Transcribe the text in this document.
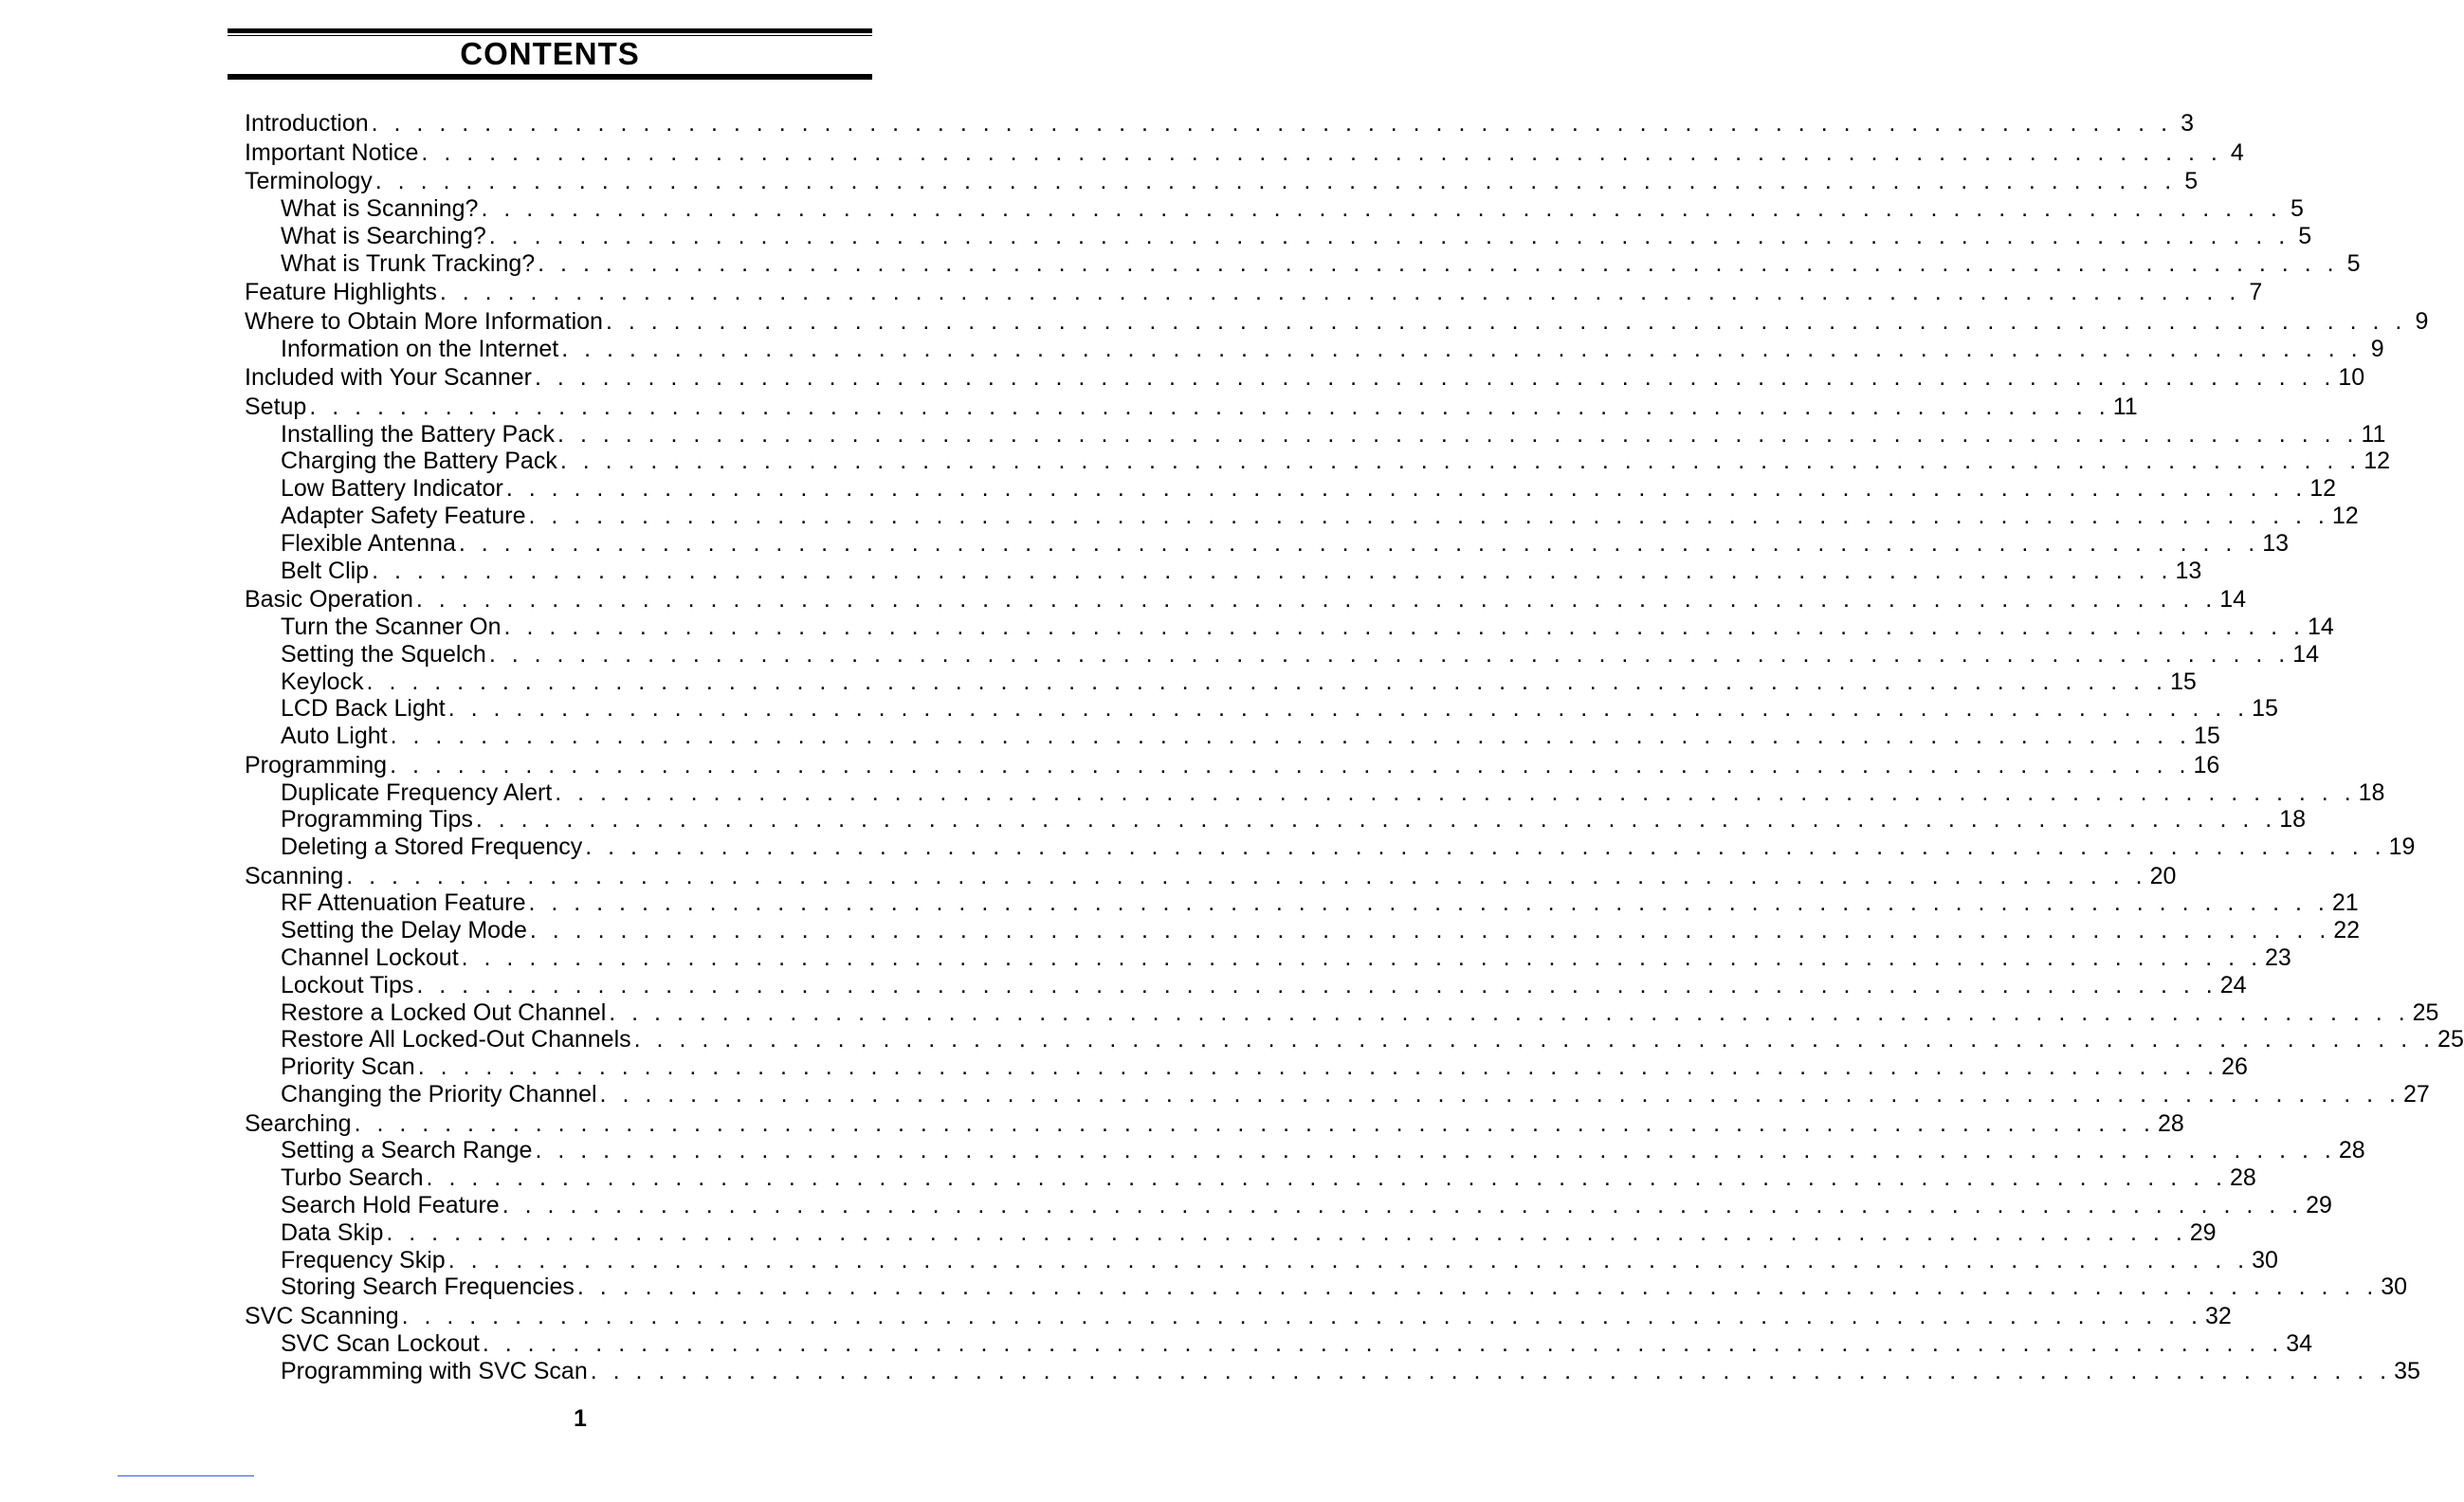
CONTENTS
Introduction . . . . . . . . . . . . . . . . . . . . . . . . . . . . . . . . . . . . . . . . . . . . . . . . . . . . . . . . . . . . . . . . . . . . . . . . . . . . . . . . 3
Important Notice . . . . . . . . . . . . . . . . . . . . . . . . . . . . . . . . . . . . . . . . . . . . . . . . . . . . . . . . . . . . . . . . . . . . . . . . . . . . . . . . 4
Terminology . . . . . . . . . . . . . . . . . . . . . . . . . . . . . . . . . . . . . . . . . . . . . . . . . . . . . . . . . . . . . . . . . . . . . . . . . . . . . . . . 5
What is Scanning? . . . . . . . . . . . . . . . . . . . . . . . . . . . . . . . . . . . . . . . . . . . . . . . . . . . . . . . . . . . . . . . . . . . . . . . . . . . . . . . . 5
What is Searching? . . . . . . . . . . . . . . . . . . . . . . . . . . . . . . . . . . . . . . . . . . . . . . . . . . . . . . . . . . . . . . . . . . . . . . . . . . . . . . . . 5
What is Trunk Tracking? . . . . . . . . . . . . . . . . . . . . . . . . . . . . . . . . . . . . . . . . . . . . . . . . . . . . . . . . . . . . . . . . . . . . . . . . . . . . . . . . 5
Feature Highlights . . . . . . . . . . . . . . . . . . . . . . . . . . . . . . . . . . . . . . . . . . . . . . . . . . . . . . . . . . . . . . . . . . . . . . . . . . . . . . . . 7
Where to Obtain More Information . . . . . . . . . . . . . . . . . . . . . . . . . . . . . . . . . . . . . . . . . . . . . . . . . . . . . . . . . . . . . . . . . . . . . . . . . . . . . . . . 9
Information on the Internet . . . . . . . . . . . . . . . . . . . . . . . . . . . . . . . . . . . . . . . . . . . . . . . . . . . . . . . . . . . . . . . . . . . . . . . . . . . . . . . . 9
Included with Your Scanner . . . . . . . . . . . . . . . . . . . . . . . . . . . . . . . . . . . . . . . . . . . . . . . . . . . . . . . . . . . . . . . . . . . . . . . . . . . . . . . . 10
Setup . . . . . . . . . . . . . . . . . . . . . . . . . . . . . . . . . . . . . . . . . . . . . . . . . . . . . . . . . . . . . . . . . . . . . . . . . . . . . . . . 11
Installing the Battery Pack . . . . . . . . . . . . . . . . . . . . . . . . . . . . . . . . . . . . . . . . . . . . . . . . . . . . . . . . . . . . . . . . . . . . . . . . . . . . . . . . 11
Charging the Battery Pack . . . . . . . . . . . . . . . . . . . . . . . . . . . . . . . . . . . . . . . . . . . . . . . . . . . . . . . . . . . . . . . . . . . . . . . . . . . . . . . . 12
Low Battery Indicator . . . . . . . . . . . . . . . . . . . . . . . . . . . . . . . . . . . . . . . . . . . . . . . . . . . . . . . . . . . . . . . . . . . . . . . . . . . . . . . . 12
Adapter Safety Feature . . . . . . . . . . . . . . . . . . . . . . . . . . . . . . . . . . . . . . . . . . . . . . . . . . . . . . . . . . . . . . . . . . . . . . . . . . . . . . . . 12
Flexible Antenna . . . . . . . . . . . . . . . . . . . . . . . . . . . . . . . . . . . . . . . . . . . . . . . . . . . . . . . . . . . . . . . . . . . . . . . . . . . . . . . . 13
Belt Clip . . . . . . . . . . . . . . . . . . . . . . . . . . . . . . . . . . . . . . . . . . . . . . . . . . . . . . . . . . . . . . . . . . . . . . . . . . . . . . . . 13
Basic Operation . . . . . . . . . . . . . . . . . . . . . . . . . . . . . . . . . . . . . . . . . . . . . . . . . . . . . . . . . . . . . . . . . . . . . . . . . . . . . . . . 14
Turn the Scanner On . . . . . . . . . . . . . . . . . . . . . . . . . . . . . . . . . . . . . . . . . . . . . . . . . . . . . . . . . . . . . . . . . . . . . . . . . . . . . . . . 14
Setting the Squelch . . . . . . . . . . . . . . . . . . . . . . . . . . . . . . . . . . . . . . . . . . . . . . . . . . . . . . . . . . . . . . . . . . . . . . . . . . . . . . . . 14
Keylock . . . . . . . . . . . . . . . . . . . . . . . . . . . . . . . . . . . . . . . . . . . . . . . . . . . . . . . . . . . . . . . . . . . . . . . . . . . . . . . . 15
LCD Back Light . . . . . . . . . . . . . . . . . . . . . . . . . . . . . . . . . . . . . . . . . . . . . . . . . . . . . . . . . . . . . . . . . . . . . . . . . . . . . . . . 15
Auto Light . . . . . . . . . . . . . . . . . . . . . . . . . . . . . . . . . . . . . . . . . . . . . . . . . . . . . . . . . . . . . . . . . . . . . . . . . . . . . . . . 15
Programming . . . . . . . . . . . . . . . . . . . . . . . . . . . . . . . . . . . . . . . . . . . . . . . . . . . . . . . . . . . . . . . . . . . . . . . . . . . . . . . . 16
Duplicate Frequency Alert . . . . . . . . . . . . . . . . . . . . . . . . . . . . . . . . . . . . . . . . . . . . . . . . . . . . . . . . . . . . . . . . . . . . . . . . . . . . . . . . 18
Programming Tips . . . . . . . . . . . . . . . . . . . . . . . . . . . . . . . . . . . . . . . . . . . . . . . . . . . . . . . . . . . . . . . . . . . . . . . . . . . . . . . . 18
Deleting a Stored Frequency . . . . . . . . . . . . . . . . . . . . . . . . . . . . . . . . . . . . . . . . . . . . . . . . . . . . . . . . . . . . . . . . . . . . . . . . . . . . . . . . 19
Scanning . . . . . . . . . . . . . . . . . . . . . . . . . . . . . . . . . . . . . . . . . . . . . . . . . . . . . . . . . . . . . . . . . . . . . . . . . . . . . . . . 20
RF Attenuation Feature . . . . . . . . . . . . . . . . . . . . . . . . . . . . . . . . . . . . . . . . . . . . . . . . . . . . . . . . . . . . . . . . . . . . . . . . . . . . . . . . 21
Setting the Delay Mode . . . . . . . . . . . . . . . . . . . . . . . . . . . . . . . . . . . . . . . . . . . . . . . . . . . . . . . . . . . . . . . . . . . . . . . . . . . . . . . . 22
Channel Lockout . . . . . . . . . . . . . . . . . . . . . . . . . . . . . . . . . . . . . . . . . . . . . . . . . . . . . . . . . . . . . . . . . . . . . . . . . . . . . . . . 23
Lockout Tips . . . . . . . . . . . . . . . . . . . . . . . . . . . . . . . . . . . . . . . . . . . . . . . . . . . . . . . . . . . . . . . . . . . . . . . . . . . . . . . . 24
Restore a Locked Out Channel . . . . . . . . . . . . . . . . . . . . . . . . . . . . . . . . . . . . . . . . . . . . . . . . . . . . . . . . . . . . . . . . . . . . . . . . . . . . . . . . 25
Restore All Locked-Out Channels . . . . . . . . . . . . . . . . . . . . . . . . . . . . . . . . . . . . . . . . . . . . . . . . . . . . . . . . . . . . . . . . . . . . . . . . . . . . . . . . 25
Priority Scan . . . . . . . . . . . . . . . . . . . . . . . . . . . . . . . . . . . . . . . . . . . . . . . . . . . . . . . . . . . . . . . . . . . . . . . . . . . . . . . . 26
Changing the Priority Channel . . . . . . . . . . . . . . . . . . . . . . . . . . . . . . . . . . . . . . . . . . . . . . . . . . . . . . . . . . . . . . . . . . . . . . . . . . . . . . . . 27
Searching . . . . . . . . . . . . . . . . . . . . . . . . . . . . . . . . . . . . . . . . . . . . . . . . . . . . . . . . . . . . . . . . . . . . . . . . . . . . . . . . 28
Setting a Search Range . . . . . . . . . . . . . . . . . . . . . . . . . . . . . . . . . . . . . . . . . . . . . . . . . . . . . . . . . . . . . . . . . . . . . . . . . . . . . . . . 28
Turbo Search . . . . . . . . . . . . . . . . . . . . . . . . . . . . . . . . . . . . . . . . . . . . . . . . . . . . . . . . . . . . . . . . . . . . . . . . . . . . . . . . 28
Search Hold Feature . . . . . . . . . . . . . . . . . . . . . . . . . . . . . . . . . . . . . . . . . . . . . . . . . . . . . . . . . . . . . . . . . . . . . . . . . . . . . . . . 29
Data Skip . . . . . . . . . . . . . . . . . . . . . . . . . . . . . . . . . . . . . . . . . . . . . . . . . . . . . . . . . . . . . . . . . . . . . . . . . . . . . . . . 29
Frequency Skip . . . . . . . . . . . . . . . . . . . . . . . . . . . . . . . . . . . . . . . . . . . . . . . . . . . . . . . . . . . . . . . . . . . . . . . . . . . . . . . . 30
Storing Search Frequencies . . . . . . . . . . . . . . . . . . . . . . . . . . . . . . . . . . . . . . . . . . . . . . . . . . . . . . . . . . . . . . . . . . . . . . . . . . . . . . . . 30
SVC Scanning . . . . . . . . . . . . . . . . . . . . . . . . . . . . . . . . . . . . . . . . . . . . . . . . . . . . . . . . . . . . . . . . . . . . . . . . . . . . . . . . 32
SVC Scan Lockout . . . . . . . . . . . . . . . . . . . . . . . . . . . . . . . . . . . . . . . . . . . . . . . . . . . . . . . . . . . . . . . . . . . . . . . . . . . . . . . . 34
Programming with SVC Scan . . . . . . . . . . . . . . . . . . . . . . . . . . . . . . . . . . . . . . . . . . . . . . . . . . . . . . . . . . . . . . . . . . . . . . . . . . . . . . . . 35
1
